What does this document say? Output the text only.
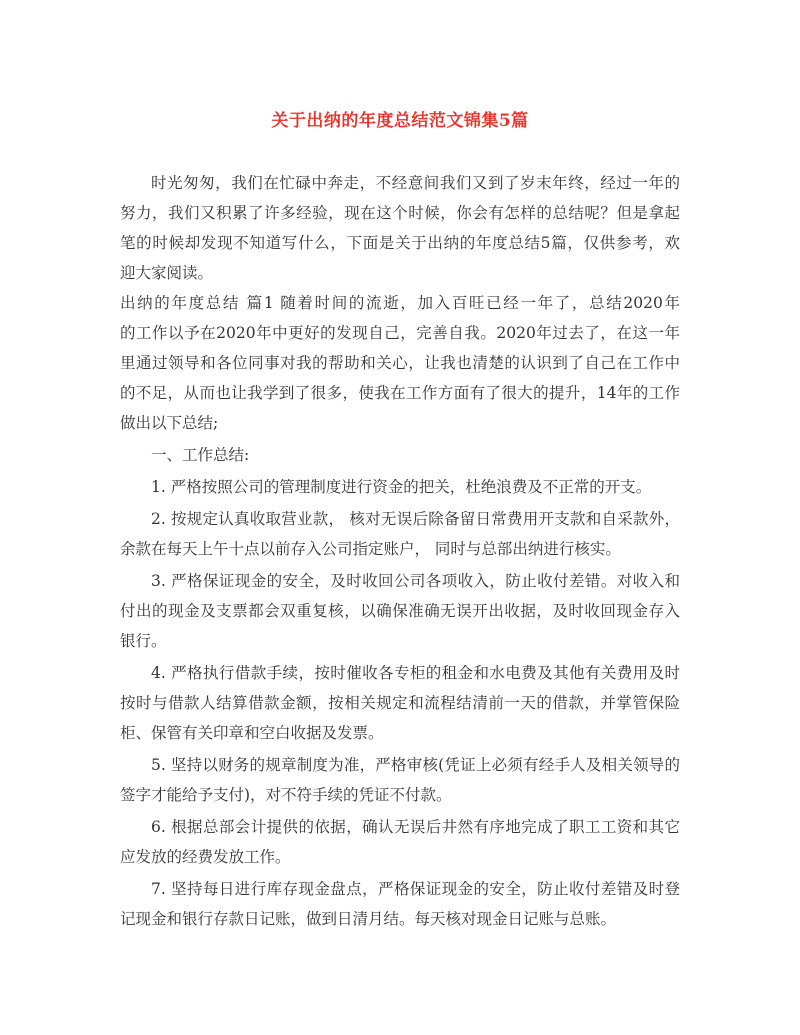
关于出纳的年度总结范文锦集5篇
时光匆匆，我们在忙碌中奔走，不经意间我们又到了岁末年终，经过一年的
努力，我们又积累了许多经验，现在这个时候，你会有怎样的总结呢？但是拿起
笔的时候却发现不知道写什么，下面是关于出纳的年度总结5篇，仅供参考，欢
迎大家阅读。
出纳的年度总结 篇1 随着时间的流逝，加入百旺已经一年了，总结2020年
的工作以予在2020年中更好的发现自己，完善自我。2020年过去了，在这一年
里通过领导和各位同事对我的帮助和关心，让我也清楚的认识到了自己在工作中
的不足，从而也让我学到了很多，使我在工作方面有了很大的提升，14年的工作
做出以下总结;
一、工作总结:
1. 严格按照公司的管理制度进行资金的把关，杜绝浪费及不正常的开支。
2. 按规定认真收取营业款， 核对无误后除备留日常费用开支款和自采款外，
余款在每天上午十点以前存入公司指定账户， 同时与总部出纳进行核实。
3. 严格保证现金的安全，及时收回公司各项收入，防止收付差错。对收入和
付出的现金及支票都会双重复核，以确保准确无误开出收据，及时收回现金存入
银行。
4. 严格执行借款手续，按时催收各专柜的租金和水电费及其他有关费用及时
按时与借款人结算借款金额，按相关规定和流程结清前一天的借款，并掌管保险
柜、保管有关印章和空白收据及发票。
5. 坚持以财务的规章制度为准，严格审核(凭证上必须有经手人及相关领导的
签字才能给予支付)，对不符手续的凭证不付款。
6. 根据总部会计提供的依据，确认无误后井然有序地完成了职工工资和其它
应发放的经费发放工作。
7. 坚持每日进行库存现金盘点，严格保证现金的安全，防止收付差错及时登
记现金和银行存款日记账，做到日清月结。每天核对现金日记账与总账。
